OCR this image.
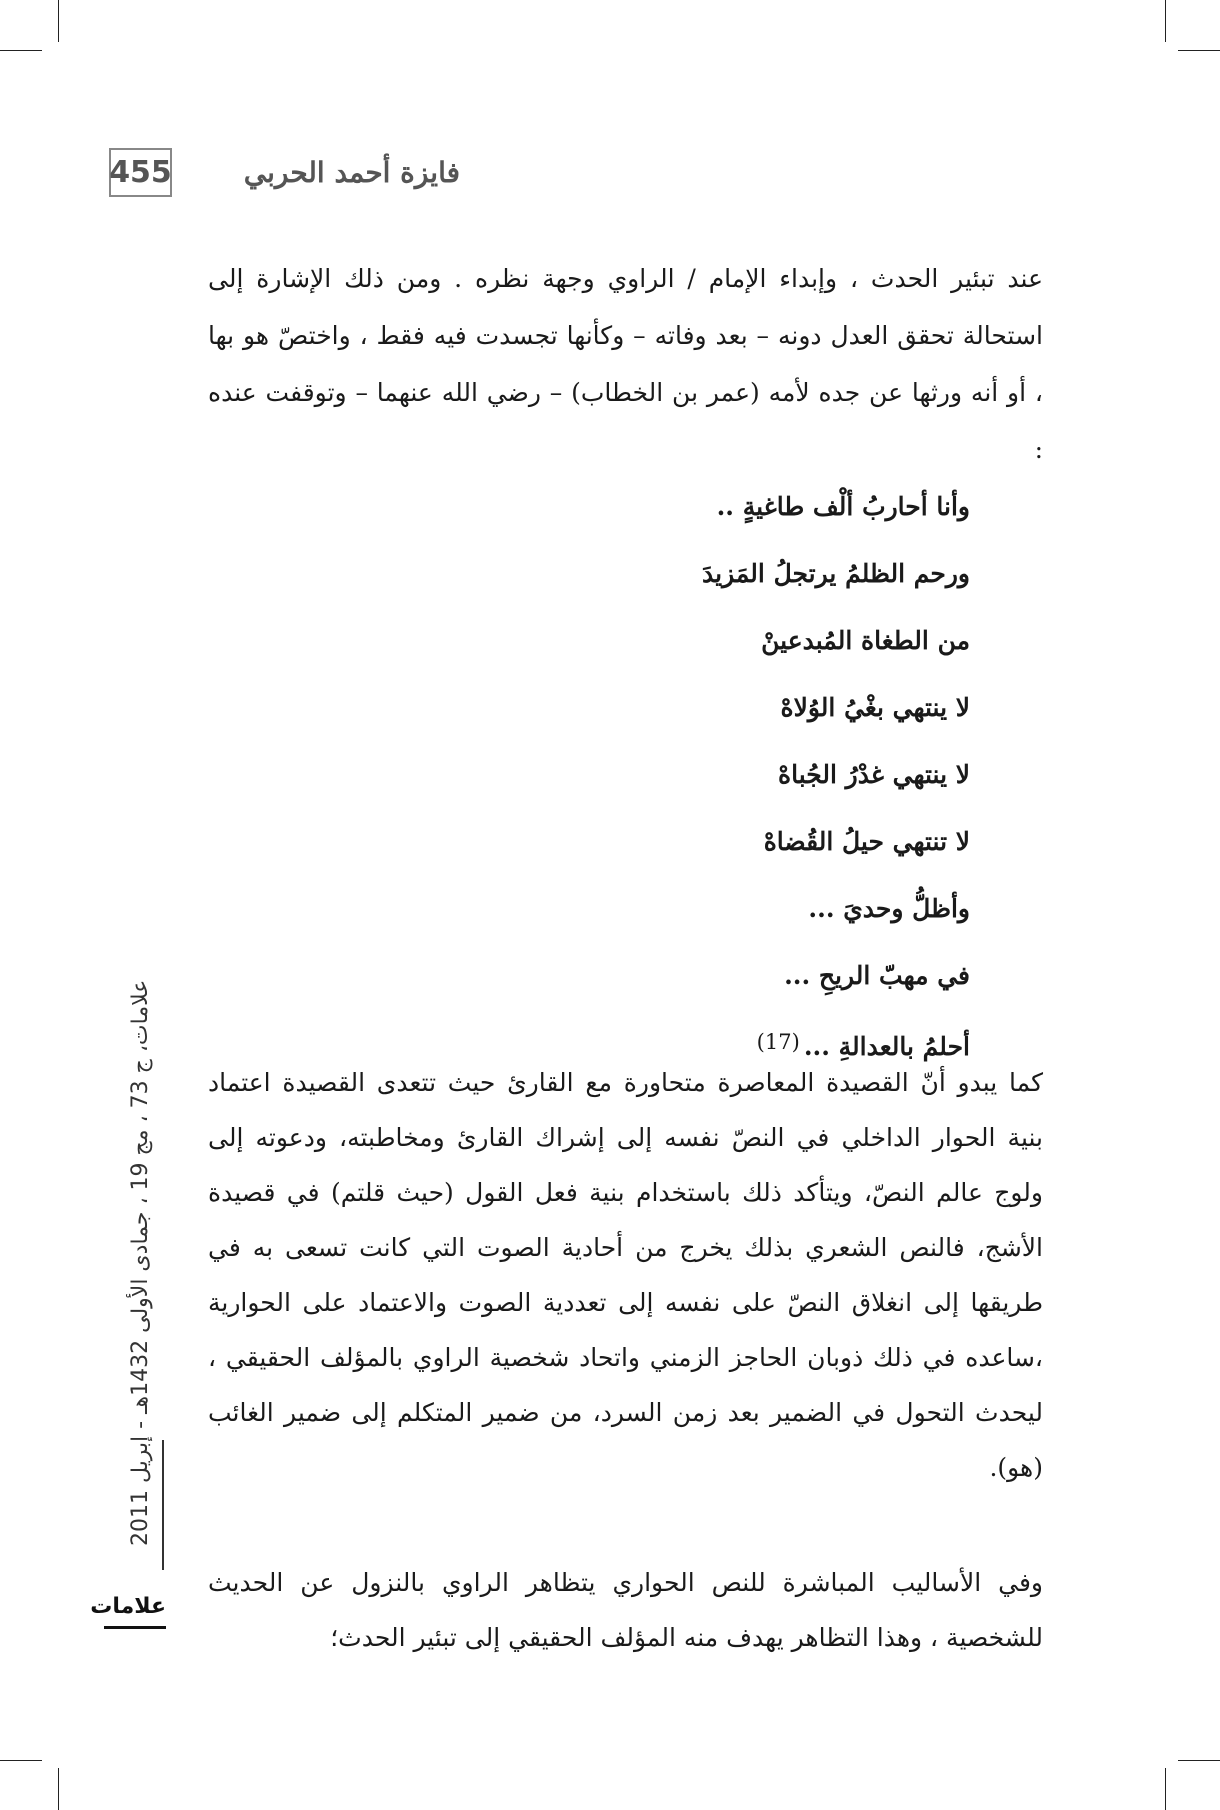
455	فايزة أحمد الحربي
عند تبئير الحدث ، وإبداء الإمام / الراوي وجهة نظره . ومن ذلك الإشارة إلى استحالة تحقق العدل دونه – بعد وفاته – وكأنها تجسدت فيه فقط ، واختصّ هو بها ، أو أنه ورثها عن جده لأمه (عمر بن الخطاب) – رضي الله عنهما – وتوقفت عنده :
وأنا أحاربُ ألْف طاغيةٍ ..
ورحم الظلمُ يرتجلُ المَزيدَ
من الطغاة المُبدعينْ
لا ينتهي بغْيُ الوُلاهْ
لا ينتهي غدْرُ الجُباهْ
لا تنتهي حيلُ القُضاهْ
وأظلُّ وحديَ ...
في مهبّ الريحِ ...
أحلمُ بالعدالةِ ...$^{(17)}$
كما يبدو أنّ القصيدة المعاصرة متحاورة مع القارئ حيث تتعدى القصيدة اعتماد بنية الحوار الداخلي في النصّ نفسه إلى إشراك القارئ ومخاطبته، ودعوته إلى ولوج عالم النصّ، ويتأكد ذلك باستخدام بنية فعل القول (حيث قلتم) في قصيدة الأشج، فالنص الشعري بذلك يخرج من أحادية الصوت التي كانت تسعى به في طريقها إلى انغلاق النصّ على نفسه إلى تعددية الصوت والاعتماد على الحوارية ،ساعده في ذلك ذوبان الحاجز الزمني واتحاد شخصية الراوي بالمؤلف الحقيقي ، ليحدث التحول في الضمير بعد زمن السرد، من ضمير المتكلم إلى ضمير الغائب (هو).
وفي الأساليب المباشرة للنص الحواري يتظاهر الراوي بالنزول عن الحديث للشخصية ، وهذا التظاهر يهدف منه المؤلف الحقيقي إلى تبئير الحدث؛
علامات، ج 73 ، مج 19 ، جمادى الأولى 1432هـ - إبريل 2011
علامات
